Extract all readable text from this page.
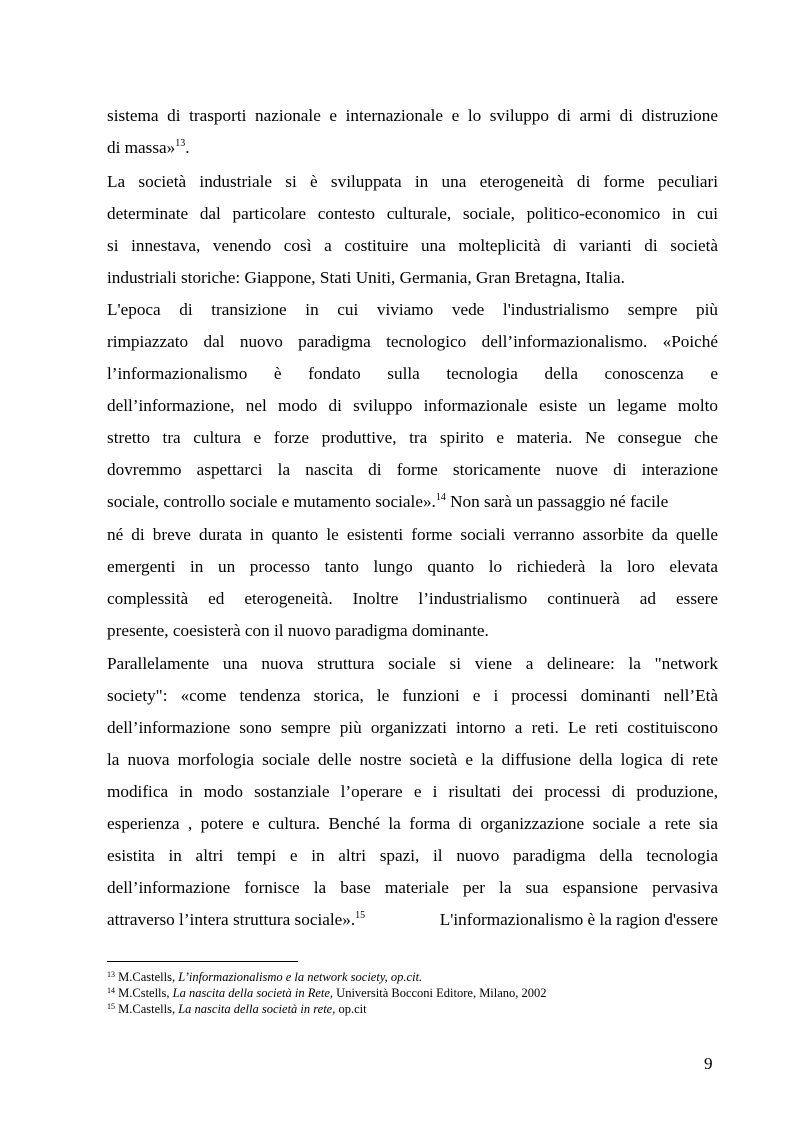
sistema di trasporti nazionale e internazionale e lo sviluppo di armi di distruzione
di massa»$^{13}$.
La società industriale si è sviluppata in una eterogeneità di forme peculiari
determinate dal particolare contesto culturale, sociale, politico-economico in cui
si innestava, venendo così a costituire una molteplicità di varianti di società
industriali storiche: Giappone, Stati Uniti, Germania, Gran Bretagna, Italia.
L'epoca di transizione in cui viviamo vede l'industrialismo sempre più
rimpiazzato dal nuovo paradigma tecnologico dell’informazionalismo. «Poiché
l’informazionalismo è fondato sulla tecnologia della conoscenza e
dell’informazione, nel modo di sviluppo informazionale esiste un legame molto
stretto tra cultura e forze produttive, tra spirito e materia. Ne consegue che
dovremmo aspettarci la nascita di forme storicamente nuove di interazione
sociale, controllo sociale e mutamento sociale».$^{14}$ Non sarà un passaggio né facile
né di breve durata in quanto le esistenti forme sociali verranno assorbite da quelle
emergenti in un processo tanto lungo quanto lo richiederà la loro elevata
complessità ed eterogeneità. Inoltre l’industrialismo continuerà ad essere
presente, coesisterà con il nuovo paradigma dominante.
Parallelamente una nuova struttura sociale si viene a delineare: la "network
society": «come tendenza storica, le funzioni e i processi dominanti nell’Età
dell’informazione sono sempre più organizzati intorno a reti. Le reti costituiscono
la nuova morfologia sociale delle nostre società e la diffusione della logica di rete
modifica in modo sostanziale l’operare e i risultati dei processi di produzione,
esperienza , potere e cultura. Benché la forma di organizzazione sociale a rete sia
esistita in altri tempi e in altri spazi, il nuovo paradigma della tecnologia
dell’informazione fornisce la base materiale per la sua espansione pervasiva
attraverso l’intera struttura sociale».$^{15}$	L'informazionalismo è la ragion d'essere
$^{13}$ M.Castells, L’informazionalismo e la network society, op.cit.
$^{14}$ M.Cstells, La nascita della società in Rete, Università Bocconi Editore, Milano, 2002
$^{15}$ M.Castells, La nascita della società in rete, op.cit
9
